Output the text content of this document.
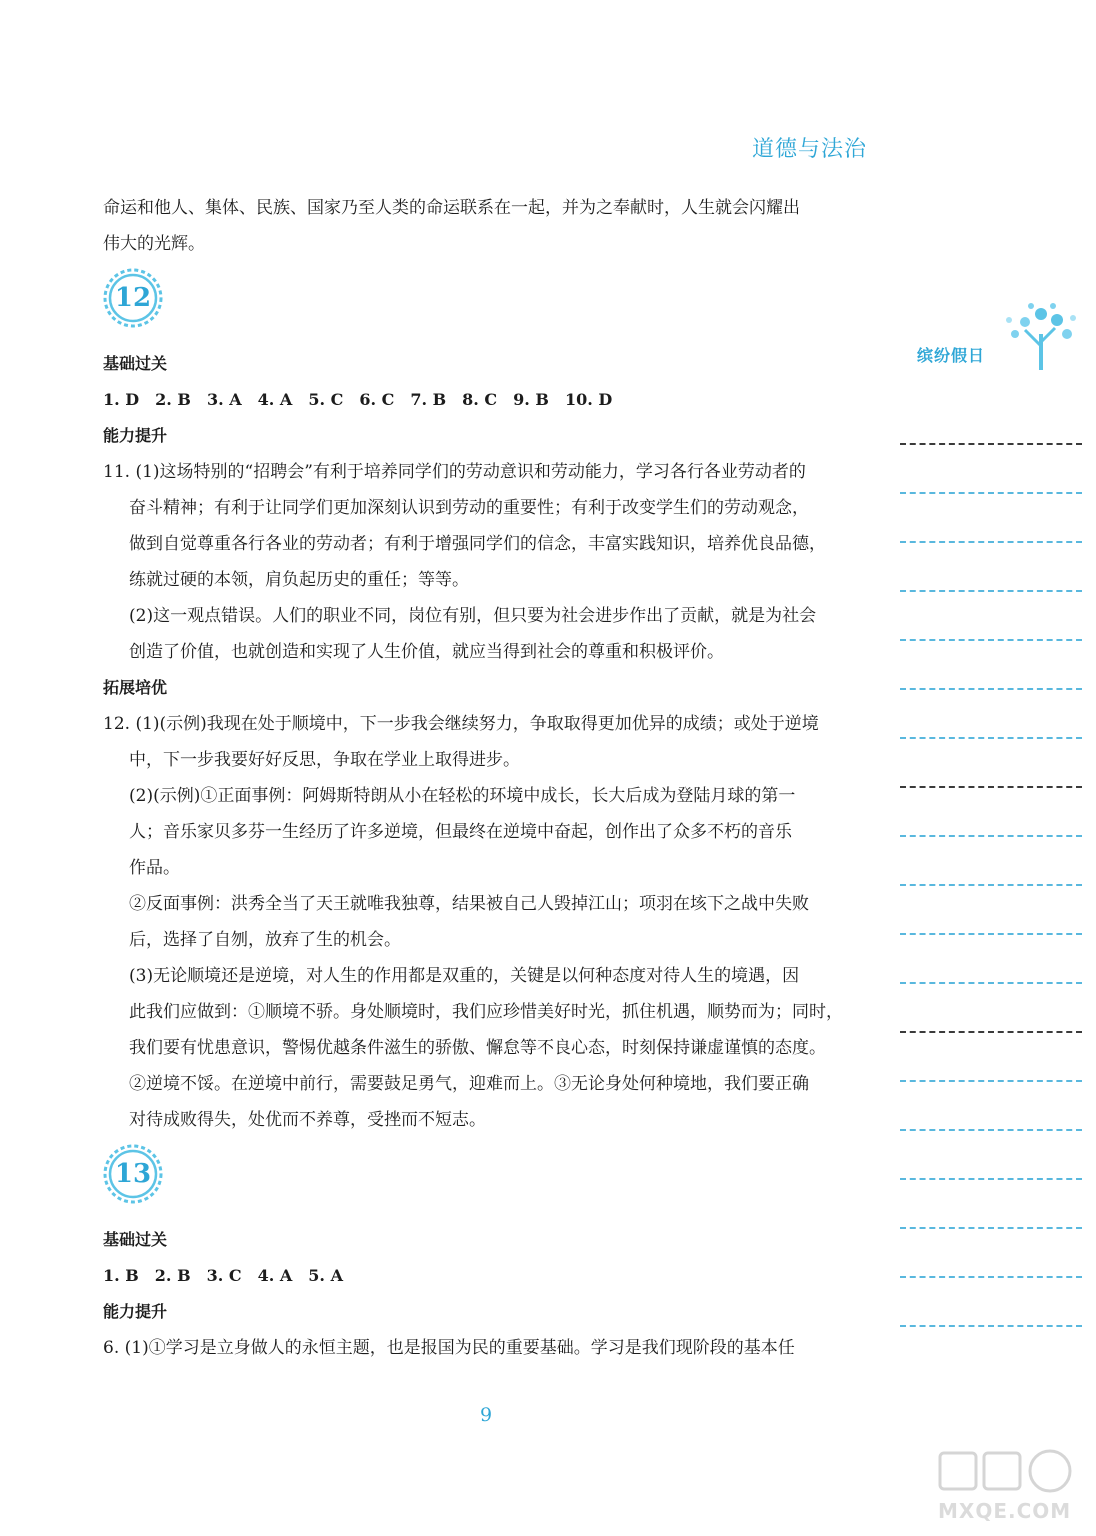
道德与法治
缤纷假日

命运和他人、集体、民族、国家乃至人类的命运联系在一起，并为之奉献时，人生就会闪耀出

伟大的光辉。

12

基础过关

1. D　2. B　3. A　4. A　5. C　6. C　7. B　8. C　9. B　10. D

能力提升

11. (1)这场特别的“招聘会”有利于培养同学们的劳动意识和劳动能力，学习各行各业劳动者的

奋斗精神；有利于让同学们更加深刻认识到劳动的重要性；有利于改变学生们的劳动观念，

做到自觉尊重各行各业的劳动者；有利于增强同学们的信念，丰富实践知识，培养优良品德，

练就过硬的本领，肩负起历史的重任；等等。

(2)这一观点错误。人们的职业不同，岗位有别，但只要为社会进步作出了贡献，就是为社会

创造了价值，也就创造和实现了人生价值，就应当得到社会的尊重和积极评价。

拓展培优

12. (1)(示例)我现在处于顺境中，下一步我会继续努力，争取取得更加优异的成绩；或处于逆境

中，下一步我要好好反思，争取在学业上取得进步。

(2)(示例)①正面事例：阿姆斯特朗从小在轻松的环境中成长，长大后成为登陆月球的第一

人；音乐家贝多芬一生经历了许多逆境，但最终在逆境中奋起，创作出了众多不朽的音乐

作品。

②反面事例：洪秀全当了天王就唯我独尊，结果被自己人毁掉江山；项羽在垓下之战中失败

后，选择了自刎，放弃了生的机会。

(3)无论顺境还是逆境，对人生的作用都是双重的，关键是以何种态度对待人生的境遇，因

此我们应做到：①顺境不骄。身处顺境时，我们应珍惜美好时光，抓住机遇，顺势而为；同时，

我们要有忧患意识，警惕优越条件滋生的骄傲、懈怠等不良心态，时刻保持谦虚谨慎的态度。

②逆境不馁。在逆境中前行，需要鼓足勇气，迎难而上。③无论身处何种境地，我们要正确

对待成败得失，处优而不养尊，受挫而不短志。

13

基础过关

1. B　2. B　3. C　4. A　5. A

能力提升

6. (1)①学习是立身做人的永恒主题，也是报国为民的重要基础。学习是我们现阶段的基本任

9
MXQE.COM
